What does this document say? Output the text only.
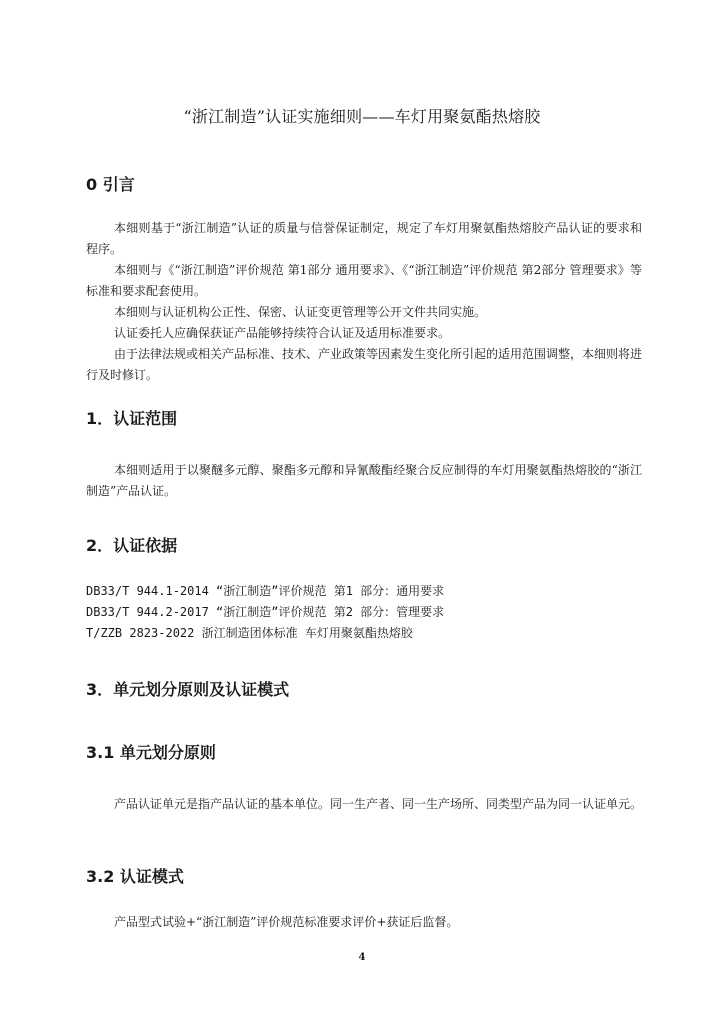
“浙江制造”认证实施细则——车灯用聚氨酯热熔胶
0 引言
本细则基于“浙江制造”认证的质量与信誉保证制定，规定了车灯用聚氨酯热熔胶产品认证的要求和程序。
本细则与《“浙江制造”评价规范 第1部分 通用要求》、《“浙江制造”评价规范 第2部分 管理要求》等标准和要求配套使用。
本细则与认证机构公正性、保密、认证变更管理等公开文件共同实施。
认证委托人应确保获证产品能够持续符合认证及适用标准要求。
由于法律法规或相关产品标准、技术、产业政策等因素发生变化所引起的适用范围调整，本细则将进行及时修订。
1．认证范围
本细则适用于以聚醚多元醇、聚酯多元醇和异氰酸酯经聚合反应制得的车灯用聚氨酯热熔胶的“浙江制造”产品认证。
2．认证依据
DB33/T 944.1-2014 “浙江制造”评价规范 第1 部分：通用要求
DB33/T 944.2-2017 “浙江制造”评价规范 第2 部分：管理要求
T/ZZB 2823-2022 浙江制造团体标准 车灯用聚氨酯热熔胶
3．单元划分原则及认证模式
3.1 单元划分原则
产品认证单元是指产品认证的基本单位。同一生产者、同一生产场所、同类型产品为同一认证单元。
3.2 认证模式
产品型式试验+“浙江制造”评价规范标准要求评价+获证后监督。
4
